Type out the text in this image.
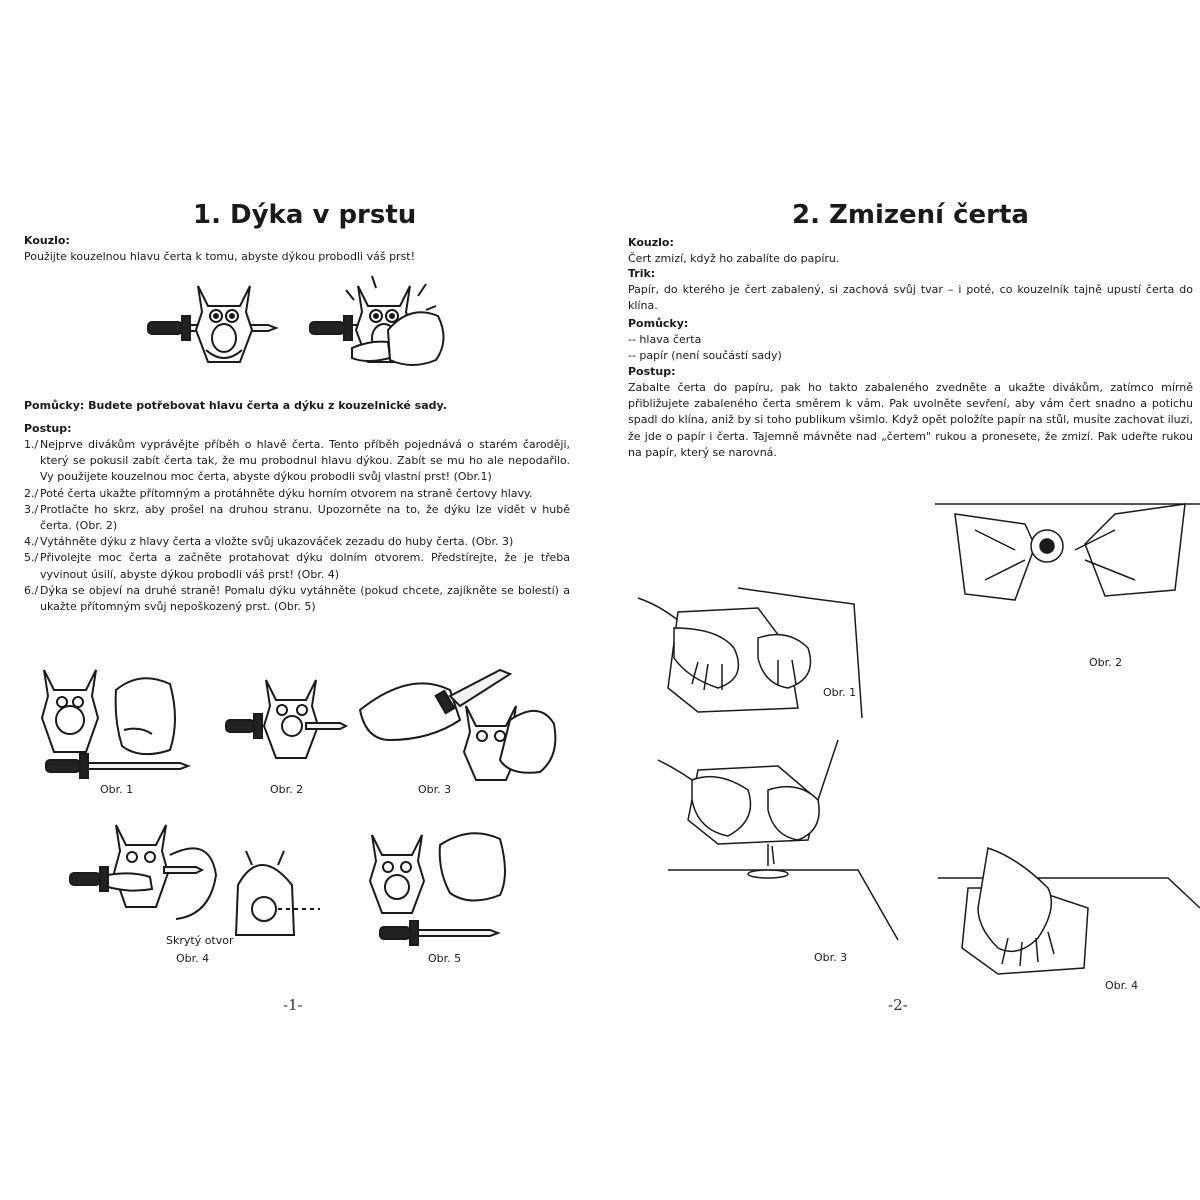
1. Dýka v prstu
Kouzlo:
Použijte kouzelnou hlavu čerta k tomu, abyste dýkou probodli váš prst!
Pomůcky: Budete potřebovat hlavu čerta a dýku z kouzelnické sady.
Postup:
1./ Nejprve divákům vyprávějte příběh o hlavě čerta. Tento příběh pojednává o starém čaroději, který se pokusil zabít čerta tak, že mu probodnul hlavu dýkou. Zabít se mu ho ale nepodařilo. Vy použijete kouzelnou moc čerta, abyste dýkou probodli svůj vlastní prst! (Obr.1)
2./ Poté čerta ukažte přítomným a protáhněte dýku horním otvorem na straně čertovy hlavy.
3./ Protlačte ho skrz, aby prošel na druhou stranu. Upozorněte na to, že dýku lze vidět v hubě čerta. (Obr. 2)
4./ Vytáhněte dýku z hlavy čerta a vložte svůj ukazováček zezadu do huby čerta. (Obr. 3)
5./ Přivolejte moc čerta a začněte protahovat dýku dolním otvorem. Předstírejte, že je třeba vyvinout úsilí, abyste dýkou probodli váš prst! (Obr. 4)
6./ Dýka se objeví na druhé straně! Pomalu dýku vytáhněte (pokud chcete, zajíkněte se bolestí) a ukažte přítomným svůj nepoškozený prst. (Obr. 5)
Obr. 1	Obr. 2	Obr. 3
Skrytý otvor
Obr. 4	Obr. 5
-1-
2. Zmizení čerta
Kouzlo:
Čert zmizí, když ho zabalíte do papíru.
Trik:
Papír, do kterého je čert zabalený, si zachová svůj tvar – i poté, co kouzelník tajně upustí čerta do klína.
Pomůcky:
-- hlava čerta
-- papír (není součástí sady)
Postup:
Zabalte čerta do papíru, pak ho takto zabaleného zvedněte a ukažte divákům, zatímco mírně přibližujete zabaleného čerta směrem k vám. Pak uvolněte sevření, aby vám čert snadno a potichu spadl do klína, aniž by si toho publikum všimlo. Když opět položíte papír na stůl, musíte zachovat iluzi, že jde o papír i čerta. Tajemně mávněte nad „čertem" rukou a pronesete, že zmizí. Pak udeřte rukou na papír, který se narovná.
Obr. 2
Obr. 1
Obr. 3
Obr. 4
-2-
